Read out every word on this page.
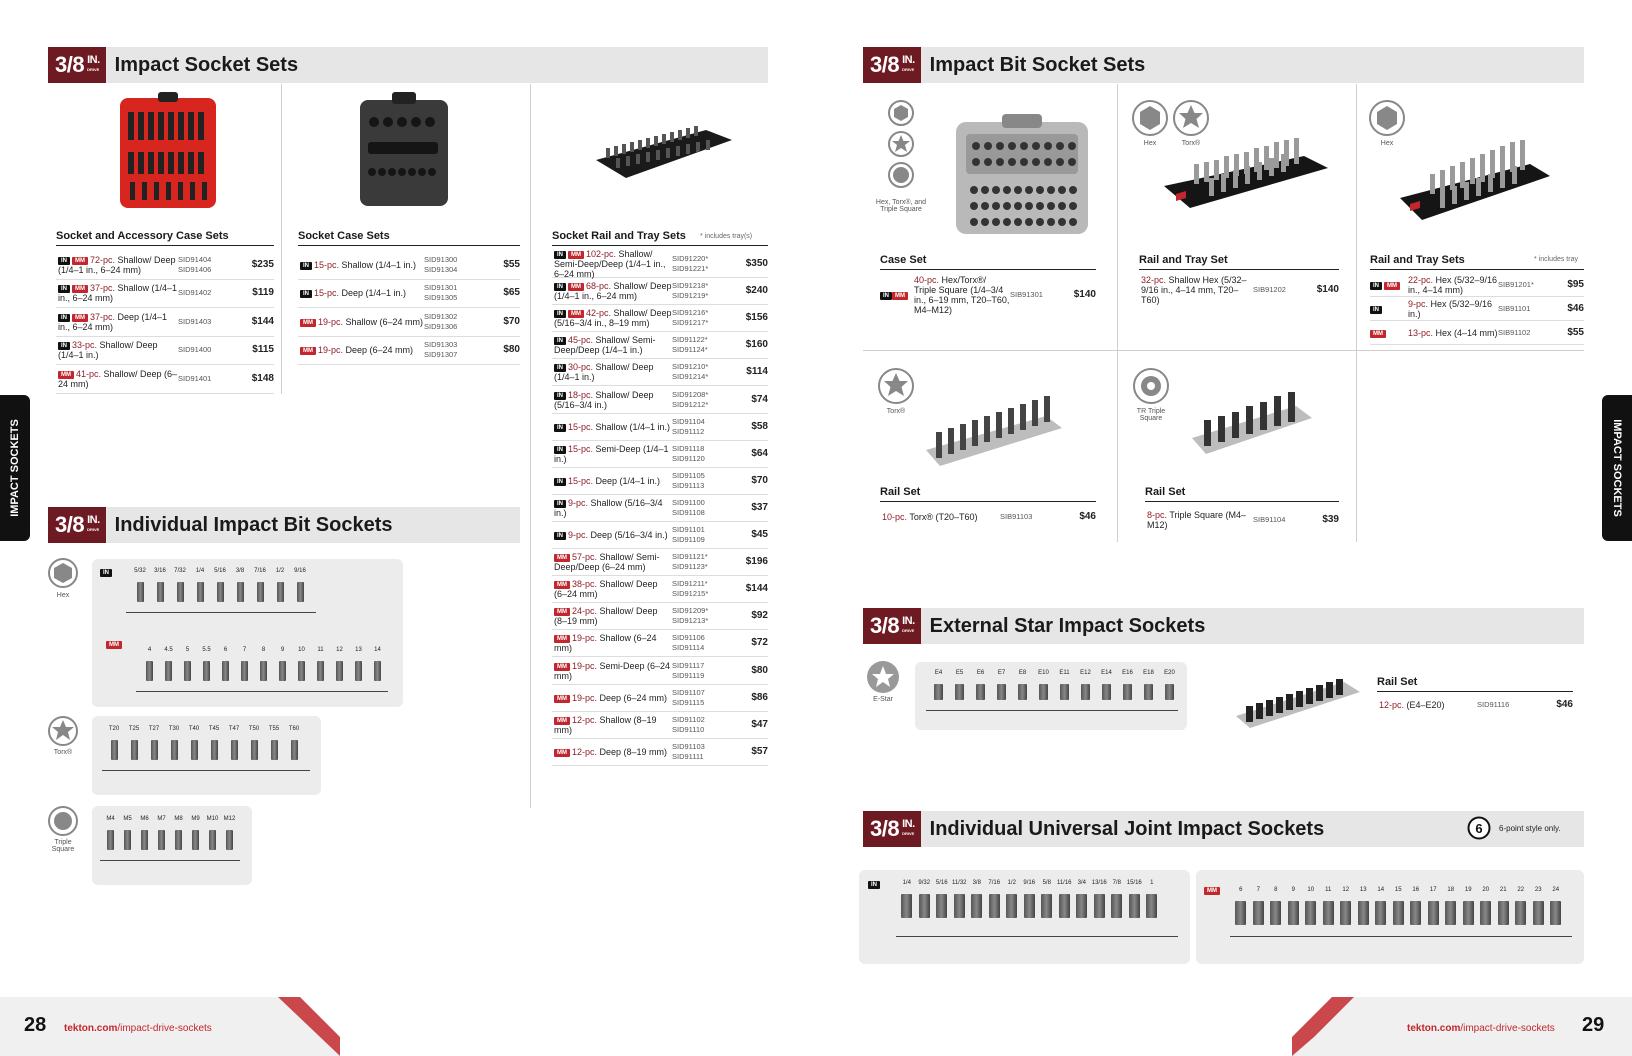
3/8 IN.
DRIVE Impact Socket Sets
Socket and Accessory Case Sets
IN MM 72-pc. Shallow/ Deep (1/4–1 in., 6–24 mm)
SID91404
SID91406	$235
IN MM 37-pc. Shallow (1/4–1 in., 6–24 mm)
SID91402	$119
IN MM 37-pc. Deep (1/4–1 in., 6–24 mm)
SID91403	$144
IN 33-pc. Shallow/ Deep (1/4–1 in.)
SID91400	$115
MM 41-pc. Shallow/ Deep (6–24 mm)
SID91401	$148
Socket Case Sets
IN 15-pc. Shallow (1/4–1 in.)
SID91300
SID91304	$55
IN 15-pc. Deep (1/4–1 in.)
SID91301
SID91305	$65
MM 19-pc. Shallow (6–24 mm)
SID91302
SID91306	$70
MM 19-pc. Deep (6–24 mm)
SID91303
SID91307	$80
Socket Rail and Tray Sets	* includes tray(s)
IN MM 102-pc. Shallow/ Semi-Deep/Deep (1/4–1 in., 6–24 mm)
SID91220*
SID91221*	$350
IN MM 68-pc. Shallow/ Deep (1/4–1 in., 6–24 mm)
SID91218*
SID91219*	$240
IN MM 42-pc. Shallow/ Deep (5/16–3/4 in., 8–19 mm)
SID91216*
SID91217*	$156
IN 45-pc. Shallow/ Semi-Deep/Deep (1/4–1 in.)
SID91122*
SID91124*	$160
IN 30-pc. Shallow/ Deep (1/4–1 in.)
SID91210*
SID91214*	$114
IN 18-pc. Shallow/ Deep (5/16–3/4 in.)
SID91208*
SID91212*	$74
IN 15-pc. Shallow (1/4–1 in.)
SID91104
SID91112	$58
IN 15-pc. Semi-Deep (1/4–1 in.)
SID91118
SID91120	$64
IN 15-pc. Deep (1/4–1 in.)
SID91105
SID91113	$70
IN 9-pc. Shallow (5/16–3/4 in.)
SID91100
SID91108	$37
IN 9-pc. Deep (5/16–3/4 in.)
SID91101
SID91109	$45
MM 57-pc. Shallow/ Semi-Deep/Deep (6–24 mm)
SID91121*
SID91123*	$196
MM 38-pc. Shallow/ Deep (6–24 mm)
SID91211*
SID91215*	$144
MM 24-pc. Shallow/ Deep (8–19 mm)
SID91209*
SID91213*	$92
MM 19-pc. Shallow (6–24 mm)
SID91106
SID91114	$72
MM 19-pc. Semi-Deep (6–24 mm)
SID91117
SID91119	$80
MM 19-pc. Deep (6–24 mm)
SID91107
SID91115	$86
MM 12-pc. Shallow (8–19 mm)
SID91102
SID91110	$47
MM 12-pc. Deep (8–19 mm)
SID91103
SID91111	$57
3/8 IN.
DRIVE Individual Impact Bit Sockets
Hex
IN	5/32 3/16 7/32 1/4 5/16 3/8 7/16 1/2 9/16
MM
4 4.5 5 5.5 6	7	8	9 10 11 12 13 14
Torx®
T20 T25 T27 T30 T40 T45 T47 T50 T55 T60
Triple Square
M4 M5 M6 M7 M8 M9 M10 M12
IMPACT SOCKETS
28 tekton.com/impact-drive-sockets
3/8 IN.
DRIVE Impact Bit Socket Sets
Hex, Torx®, and Triple Square
Case Set
IN MM
40-pc. Hex/Torx®/ Triple Square (1/4–3/4 in., 6–19 mm, T20–T60, M4–M12)
SIB91301	$140
Hex	Torx®
Rail and Tray Set
32-pc. Shallow Hex (5/32–9/16 in., 4–14 mm, T20–T60)
SIB91202	$140
Hex
Rail and Tray Sets	* includes tray
IN MM
22-pc. Hex (5/32–9/16 in., 4–14 mm)
SIB91201*	$95
IN
9-pc. Hex (5/32–9/16 in.)
SIB91101	$46
MM	13-pc. Hex (4–14 mm) SIB91102	$55
Torx®
Rail Set
10-pc. Torx® (T20–T60)	SIB91103	$46
TR Triple Square
Rail Set
8-pc. Triple Square (M4–M12)
SIB91104	$39
3/8 IN.
DRIVE External Star Impact Sockets
E-Star
E4 E5 E6 E7 E8 E10 E11 E12 E14 E16 E18 E20
Rail Set
12-pc. (E4–E20)	SID91116	$46
3/8 IN.
DRIVE Individual Universal Joint Impact Sockets	6 6-point style only.
IN	1/4 9/32 5/16 11/32 3/8 7/16 1/2 9/16 5/8 11/16 3/4 13/16 7/8 15/16 1
MM	6 7 8 9 10 11 12 13 14 15 16 17 18 19 20 21 22 23 24
IMPACT SOCKETS
tekton.com/impact-drive-sockets 29
